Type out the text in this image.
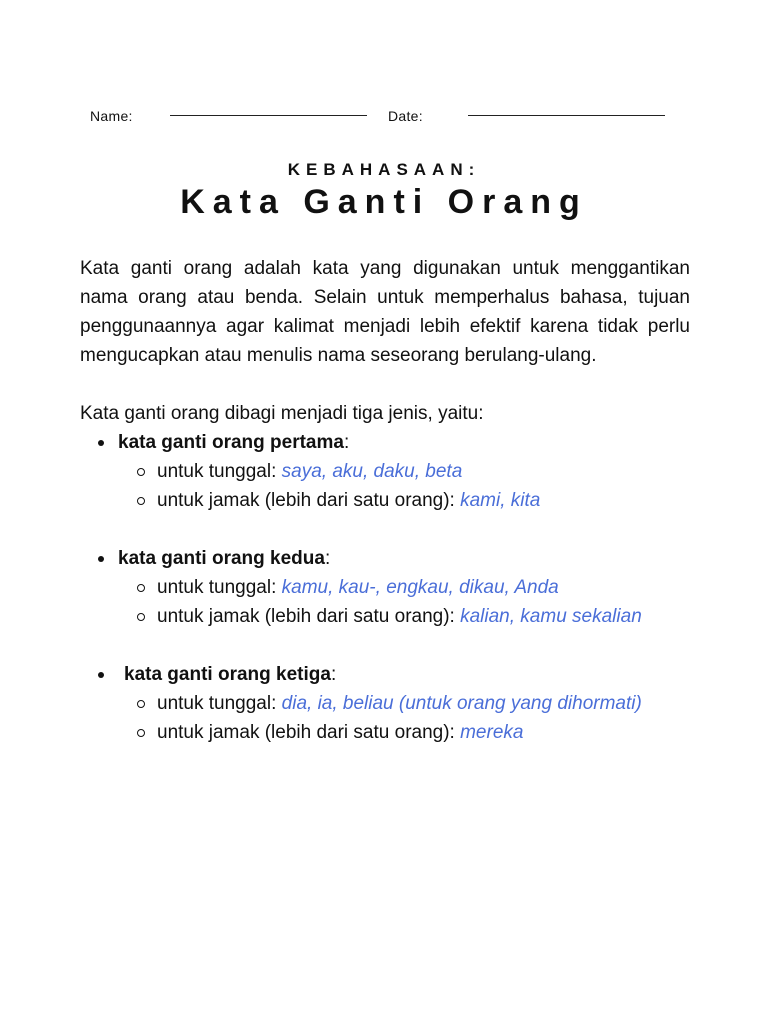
Name:	Date:
KEBAHASAAN:
Kata Ganti Orang

Kata ganti orang adalah kata yang digunakan untuk menggantikan nama orang atau benda. Selain untuk memperhalus bahasa, tujuan penggunaannya agar kalimat menjadi lebih efektif karena tidak perlu mengucapkan atau menulis nama seseorang berulang-ulang.

Kata ganti orang dibagi menjadi tiga jenis, yaitu:

kata ganti orang pertama:
untuk tunggal: saya, aku, daku, beta
untuk jamak (lebih dari satu orang): kami, kita
kata ganti orang kedua:
untuk tunggal: kamu, kau-, engkau, dikau, Anda
untuk jamak (lebih dari satu orang): kalian, kamu sekalian
kata ganti orang ketiga:
untuk tunggal: dia, ia, beliau (untuk orang yang dihormati)
untuk jamak (lebih dari satu orang): mereka
